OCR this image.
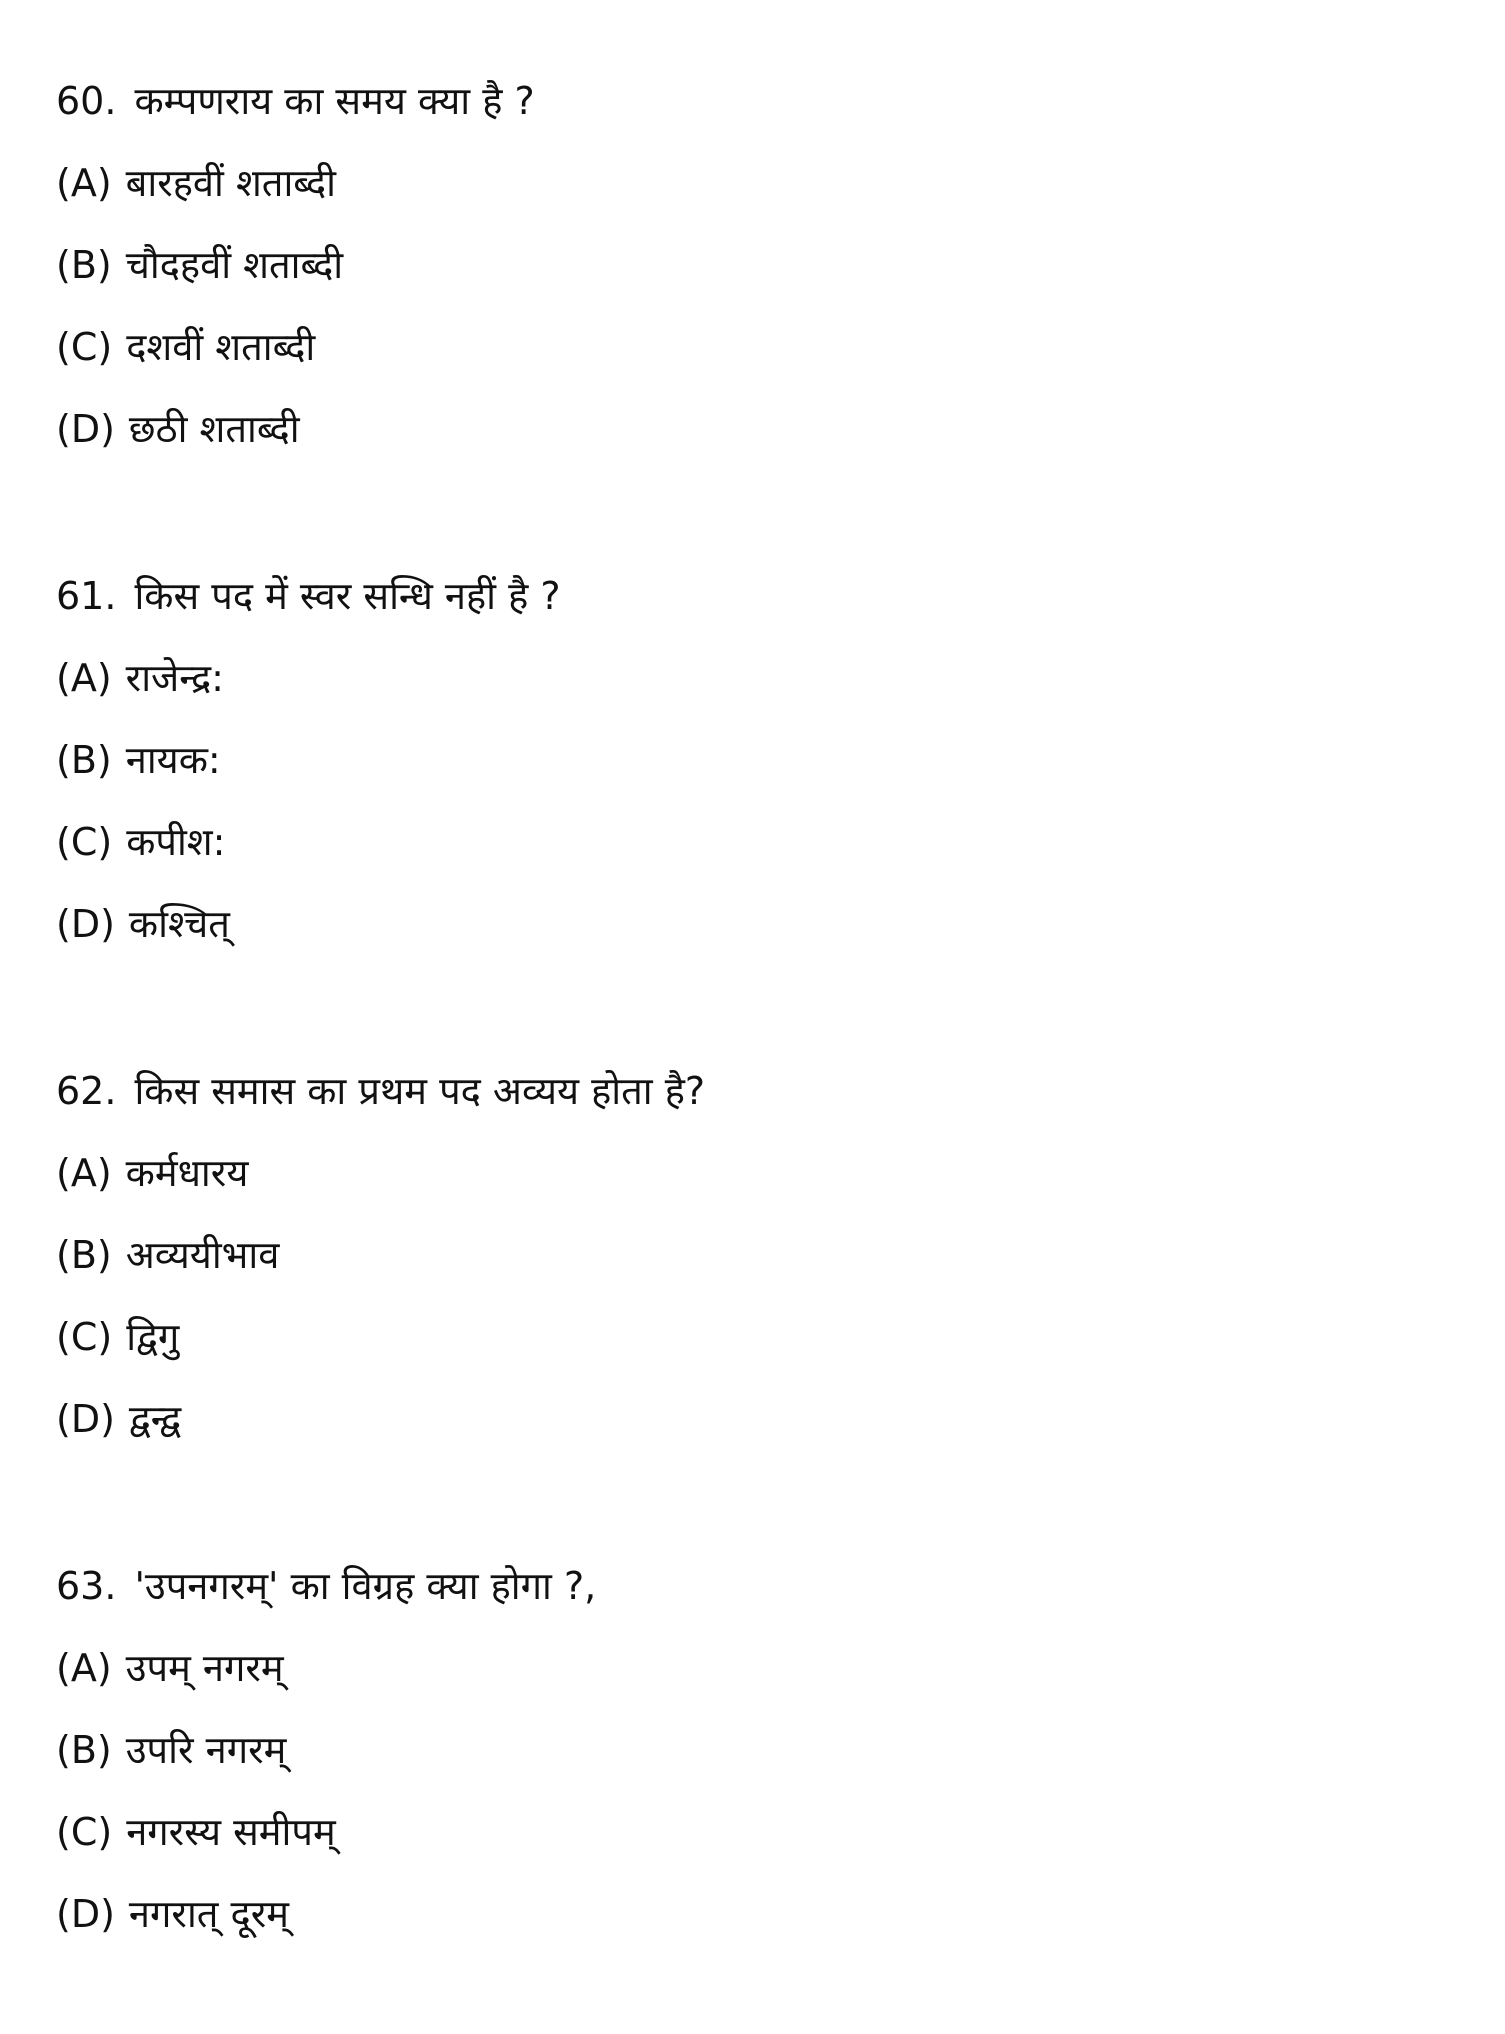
60. कम्पणराय का समय क्या है ?
(A) बारहवीं शताब्दी
(B) चौदहवीं शताब्दी
(C) दशवीं शताब्दी
(D) छठी शताब्दी
61. किस पद में स्वर सन्धि नहीं है ?
(A) राजेन्द्र:
(B) नायक:
(C) कपीश:
(D) कश्चित्
62. किस समास का प्रथम पद अव्यय होता है?
(A) कर्मधारय
(B) अव्ययीभाव
(C) द्विगु
(D) द्वन्द्व
63. 'उपनगरम्' का विग्रह क्या होगा ?,
(A) उपम् नगरम्
(B) उपरि नगरम्
(C) नगरस्य समीपम्
(D) नगरात् दूरम्
